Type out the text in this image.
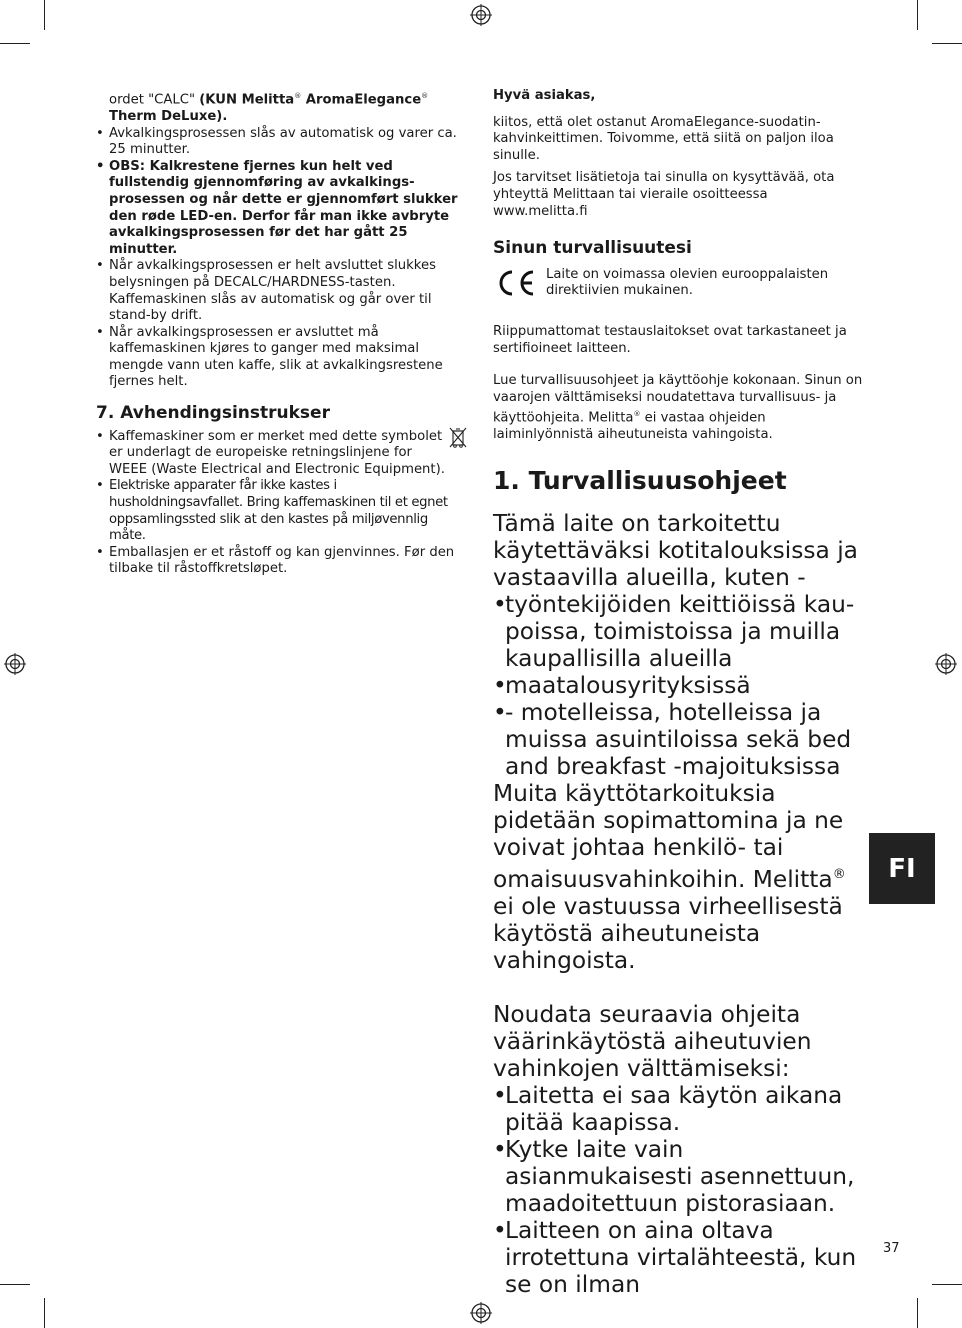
ordet "CALC" (KUN Melitta® AromaElegance®
Therm DeLuxe).

• Avkalkingsprosessen slås av automatisk og varer ca. 25 minutter.
• OBS: Kalkrestene fjernes kun helt ved fullstendig gjennomføring av avkalkingsprosessen og når dette er gjennomført slukker den røde LED-en. Derfor får man ikke avbryte avkalkingsprosessen før det har gått 25 minutter.
• Når avkalkingsprosessen er helt avsluttet slukkes belysningen på DECALC/HARDNESS-tasten. Kaffemaskinen slås av automatisk og går over til stand-by drift.
• Når avkalkingsprosessen er avsluttet må kaffemaskinen kjøres to ganger med maksimal mengde vann uten kaffe, slik at avkalkingsrestene fjernes helt.
7. Avhendingsinstrukser
• Kaffemaskiner som er merket med dette symbolet er underlagt de europeiske retningslinjene for WEEE (Waste Electrical and Electronic Equipment).
• Elektriske apparater får ikke kastes i husholdningsavfallet. Bring kaffemaskinen til et egnet oppsamlingssted slik at den kastes på miljøvennlig måte.
• Emballasjen er et råstoff og kan gjenvinnes. Før den tilbake til råstoffkretsløpet.

Hyvä asiakas,

kiitos, että olet ostanut AromaElegance-suodatinkahvinkeittimen. Toivomme, että siitä on paljon iloa sinulle.

Jos tarvitset lisätietoja tai sinulla on kysyttävää, ota yhteyttä Melittaan tai vieraile osoitteessa www.melitta.fi

Sinun turvallisuutesi

Laite on voimassa olevien eurooppalaisten direktiivien mukainen.

Riippumattomat testauslaitokset ovat tarkastaneet ja sertifioineet laitteen.

Lue turvallisuusohjeet ja käyttöohje kokonaan. Sinun on vaarojen välttämiseksi noudatettava turvallisuus- ja käyttöohjeita. Melitta® ei vastaa ohjeiden laiminlyönnistä aiheutuneista vahingoista.

1. Turvallisuusohjeet
Tämä laite on tarkoitettu käytettäväksi kotitalouksissa ja vastaavilla alueilla, kuten -
• työntekijöiden keittiöissä kaupoissa, toimistoissa ja muilla kaupallisilla alueilla
• maatalousyrityksissä
• - motelleissa, hotelleissa ja muissa asuintiloissa sekä bed and breakfast -majoituksissa
Muita käyttötarkoituksia pidetään sopimattomina ja ne voivat johtaa henkilö- tai omaisuusvahinkoihin. Melitta® ei ole vastuussa virheellisestä käytöstä aiheutuneista vahingoista.
Noudata seuraavia ohjeita väärinkäytöstä aiheutuvien vahinkojen välttämiseksi:
• Laitetta ei saa käytön aikana pitää kaapissa.
• Kytke laite vain asianmukaisesti asennettuun, maadoitettuun pistorasiaan.
• Laitteen on aina oltava irrotettuna virtalähteestä, kun se on ilman
FI
37
